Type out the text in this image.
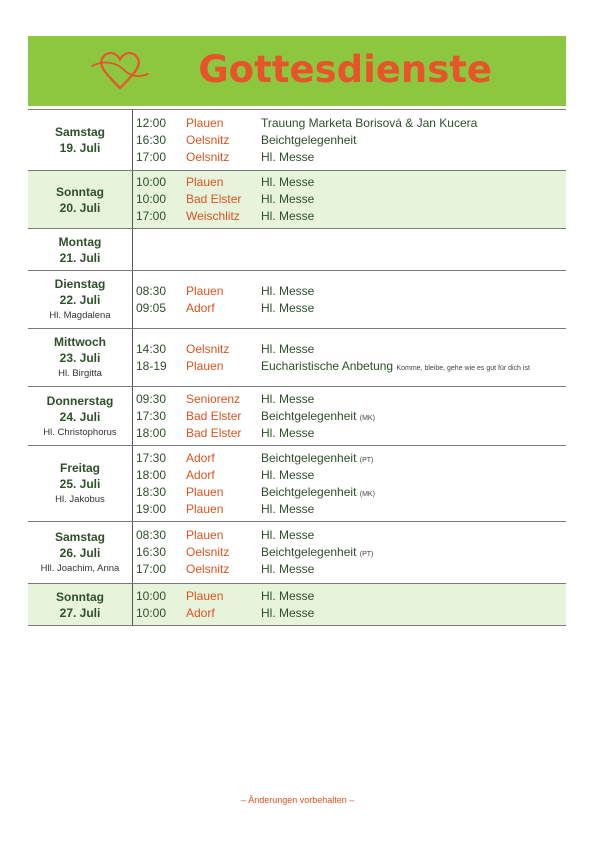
Gottesdienste
Samstag
19. Juli
12:00	Plauen	Trauung Marketa Borisová & Jan Kucera
16:30	Oelsnitz	Beichtgelegenheit
17:00	Oelsnitz	Hl. Messe
Sonntag
20. Juli
10:00	Plauen	Hl. Messe
10:00	Bad Elster	Hl. Messe
17:00	Weischlitz	Hl. Messe
Montag
21. Juli
Dienstag
22. Juli
Hl. Magdalena
08:30	Plauen	Hl. Messe
09:05	Adorf	Hl. Messe
Mittwoch
23. Juli
Hl. Birgitta
14:30	Oelsnitz	Hl. Messe
18-19	Plauen	Eucharistische Anbetung Komme, bleibe, gehe wie es gut für dich ist
Donnerstag
24. Juli
Hl. Christophorus
09:30	Seniorenz	Hl. Messe
17:30	Bad Elster	Beichtgelegenheit (MK)
18:00	Bad Elster	Hl. Messe
Freitag
25. Juli
Hl. Jakobus
17:30	Adorf	Beichtgelegenheit (PT)
18:00	Adorf	Hl. Messe
18:30	Plauen	Beichtgelegenheit (MK)
19:00	Plauen	Hl. Messe
Samstag
26. Juli
Hll. Joachim, Anna
08:30	Plauen	Hl. Messe
16:30	Oelsnitz	Beichtgelegenheit (PT)
17:00	Oelsnitz	Hl. Messe
Sonntag
27. Juli
10:00	Plauen	Hl. Messe
10:00	Adorf	Hl. Messe
– Änderungen vorbehalten –
